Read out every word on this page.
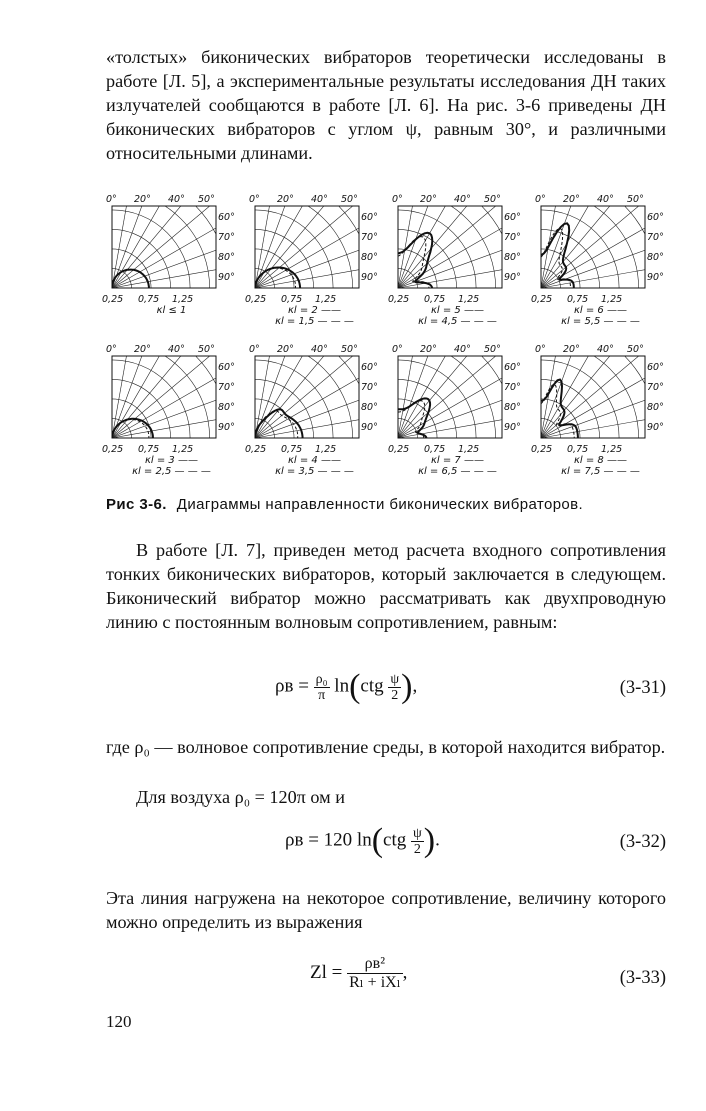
«толстых» биконических вибраторов теоретически исследованы в работе [Л. 5], а экспериментальные результаты исследования ДН таких излучателей сообщаются в работе [Л. 6]. На рис. 3-6 приведены ДН биконических вибраторов с углом ψ, равным 30°, и различными относительными длинами.

0° 20° 40° 50°
60°
70°
80°
90°
0,25 0,75 1,25
κl ≤ 1
0° 20° 40° 50°
60°
70°
80°
90°
0,25 0,75 1,25
κl = 2 ——
κl = 1,5 — — —
0° 20° 40° 50°
60°
70°
80°
90°
0,25 0,75 1,25
κl = 5 ——
κl = 4,5 — — —
0° 20° 40° 50°
60°
70°
80°
90°
0,25 0,75 1,25
κl = 6 ——
κl = 5,5 — — —
0° 20° 40° 50°
60°
70°
80°
90°
0,25 0,75 1,25
κl = 3 ——
κl = 2,5 — — —
0° 20° 40° 50°
60°
70°
80°
90°
0,25 0,75 1,25
κl = 4 ——
κl = 3,5 — — —
0° 20° 40° 50°
60°
70°
80°
90°
0,25 0,75 1,25
κl = 7 ——
κl = 6,5 — — —
0° 20° 40° 50°
60°
70°
80°
90°
0,25 0,75 1,25
κl = 8 ——
κl = 7,5 — — —
Рис 3-6. Диаграммы направленности биконических вибраторов.

В работе [Л. 7], приведен метод расчета входного сопротивления тонких биконических вибраторов, который заключается в следующем. Биконический вибратор можно рассматривать как двухпроводную линию с постоянным волновым сопротивлением, равным:

$\rho в = \frac{\text{ρ₀}}{\pi} \ln(ctg \frac{\psi}{2}$ ),	(3-31)
где ρ₀ — волновое сопротивление среды, в которой находится вибратор.
Для воздуха ρ₀ = 120π ом и
ρв = 120 $\ln(ctg \frac{\psi}{2}$ ).	(3-32)

Эта линия нагружена на некоторое сопротивление, величину которого можно определить из выражения

$Zl = \frac{\text{ρв²}}{\text{Rₗ + iXₗ}}$ ,	(3-33)
120
